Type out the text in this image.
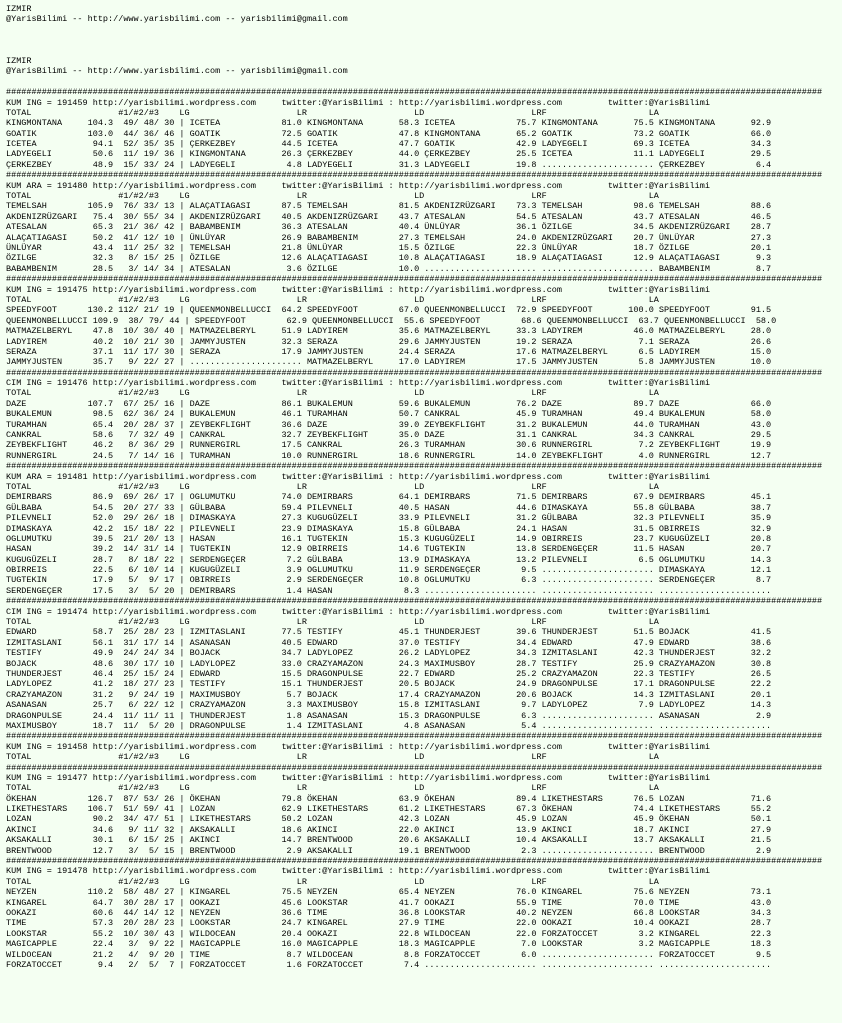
IZMIR
@YarisBilimi -- http://www.yarisbilimi.com -- yarisbilimi@gmail.com
IZMIR
@YarisBilimi -- http://www.yarisbilimi.com -- yarisbilimi@gmail.com
################################################################################################################################################################
KUM ING = 191459 http://yarisbilimi.wordpress.com     twitter:@YarisBilimi : http://yarisbilimi.wordpress.com         twitter:@YarisBilimi
TOTAL                 #1/#2/#3    LG                     LR                     LD                     LRF                    LA
KINGMONTANA     104.3  49/ 48/ 30 | ICETEA            81.0 KINGMONTANA       58.3 ICETEA            75.7 KINGMONTANA       75.5 KINGMONTANA       92.9
GOATIK          103.0  44/ 36/ 46 | GOATIK            72.5 GOATIK            47.8 KINGMONTANA       65.2 GOATIK            73.2 GOATIK            66.0
ICETEA           94.1  52/ 35/ 35 | ÇERKEZBEY         44.5 ICETEA            47.7 GOATIK            42.9 LADYEGELI         69.3 ICETEA            34.3
LADYEGELI        50.6  11/ 19/ 36 | KINGMONTANA       26.3 ÇERKEZBEY         44.0 ÇERKEZBEY         25.5 ICETEA            11.1 LADYEGELI         29.5
ÇERKEZBEY        48.9  15/ 33/ 24 | LADYEGELI          4.8 LADYEGELI         31.3 LADYEGELI         19.8 ...................... ÇERKEZBEY          6.4
################################################################################################################################################################
KUM ARA = 191480 http://yarisbilimi.wordpress.com     twitter:@YarisBilimi : http://yarisbilimi.wordpress.com         twitter:@YarisBilimi
TOTAL                 #1/#2/#3    LG                     LR                     LD                     LRF                    LA
TEMELSAH        105.9  76/ 33/ 13 | ALAÇATIAGASI      87.5 TEMELSAH          81.5 AKDENIZRÜZGARI    73.3 TEMELSAH          98.6 TEMELSAH          88.6
AKDENIZRÜZGARI   75.4  30/ 55/ 34 | AKDENIZRÜZGARI    40.5 AKDENIZRÜZGARI    43.7 ATESALAN          54.5 ATESALAN          43.7 ATESALAN          46.5
ATESALAN         65.3  21/ 36/ 42 | BABAMBENIM        36.3 ATESALAN          40.4 ÜNLÜYAR           36.1 ÖZILGE            34.5 AKDENIZRÜZGARI    28.7
ALAÇATIAGASI     50.2  41/ 12/ 10 | ÜNLÜYAR           26.9 BABAMBENIM        27.3 TEMELSAH          24.0 AKDENIZRÜZGARI    20.7 ÜNLÜYAR           27.3
ÜNLÜYAR          43.4  11/ 25/ 32 | TEMELSAH          21.8 ÜNLÜYAR           15.5 ÖZILGE            22.3 ÜNLÜYAR           18.7 ÖZILGE            20.1
ÖZILGE           32.3   8/ 15/ 25 | ÖZILGE            12.6 ALAÇATIAGASI      10.8 ALAÇATIAGASI      18.9 ALAÇATIAGASI      12.9 ALAÇATIAGASI       9.3
BABAMBENIM       28.5   3/ 14/ 34 | ATESALAN           3.6 ÖZILGE            10.0 ...................... ...................... BABAMBENIM         8.7
################################################################################################################################################################
KUM ING = 191475 http://yarisbilimi.wordpress.com     twitter:@YarisBilimi : http://yarisbilimi.wordpress.com         twitter:@YarisBilimi
TOTAL                 #1/#2/#3    LG                     LR                     LD                     LRF                    LA
SPEEDYFOOT      130.2 112/ 21/ 19 | QUEENMONBELLUCCI  64.2 SPEEDYFOOT        67.0 QUEENMONBELLUCCI  72.9 SPEEDYFOOT       100.0 SPEEDYFOOT        91.5
QUEENMONBELLUCCI 109.9  38/ 79/ 44 | SPEEDYFOOT        62.9 QUEENMONBELLUCCI  55.6 SPEEDYFOOT        68.6 QUEENMONBELLUCCI  63.7 QUEENMONBELLUCCI  58.0
MATMAZELBERYL    47.8  10/ 30/ 40 | MATMAZELBERYL     51.9 LADYIREM          35.6 MATMAZELBERYL     33.3 LADYIREM          46.0 MATMAZELBERYL     28.0
LADYIREM         40.2  10/ 21/ 30 | JAMMYJUSTEN       32.3 SERAZA            29.6 JAMMYJUSTEN       19.2 SERAZA             7.1 SERAZA            26.6
SERAZA           37.1  11/ 17/ 30 | SERAZA            17.9 JAMMYJUSTEN       24.4 SERAZA            17.6 MATMAZELBERYL      6.5 LADYIREM          15.0
JAMMYJUSTEN      35.7   9/ 22/ 27 | ...................... MATMAZELBERYL     17.0 LADYIREM          17.5 JAMMYJUSTEN        5.8 JAMMYJUSTEN       10.0
################################################################################################################################################################
CIM ING = 191476 http://yarisbilimi.wordpress.com     twitter:@YarisBilimi : http://yarisbilimi.wordpress.com         twitter:@YarisBilimi
TOTAL                 #1/#2/#3    LG                     LR                     LD                     LRF                    LA
DAZE            107.7  67/ 25/ 16 | DAZE              86.1 BUKALEMUN         59.6 BUKALEMUN         76.2 DAZE              89.7 DAZE              66.0
BUKALEMUN        98.5  62/ 36/ 24 | BUKALEMUN         46.1 TURAMHAN          50.7 CANKRAL           45.9 TURAMHAN          49.4 BUKALEMUN         58.0
TURAMHAN         65.4  20/ 28/ 37 | ZEYBEKFLIGHT      36.6 DAZE              39.0 ZEYBEKFLIGHT      31.2 BUKALEMUN         44.0 TURAMHAN          43.0
CANKRAL          58.6   7/ 32/ 49 | CANKRAL           32.7 ZEYBEKFLIGHT      35.0 DAZE              31.1 CANKRAL           34.3 CANKRAL           29.5
ZEYBEKFLIGHT     46.2   8/ 36/ 29 | RUNNERGIRL        17.5 CANKRAL           26.3 TURAMHAN          30.6 RUNNERGIRL         7.2 ZEYBEKFLIGHT      19.9
RUNNERGIRL       24.5   7/ 14/ 16 | TURAMHAN          10.0 RUNNERGIRL        18.6 RUNNERGIRL        14.0 ZEYBEKFLIGHT       4.0 RUNNERGIRL        12.7
################################################################################################################################################################
KUM ARA = 191481 http://yarisbilimi.wordpress.com     twitter:@YarisBilimi : http://yarisbilimi.wordpress.com         twitter:@YarisBilimi
TOTAL                 #1/#2/#3    LG                     LR                     LD                     LRF                    LA
DEMIRBARS        86.9  69/ 26/ 17 | OGLUMUTKU         74.0 DEMIRBARS         64.1 DEMIRBARS         71.5 DEMIRBARS         67.9 DEMIRBARS         45.1
GÜLBABA          54.5  20/ 27/ 33 | GÜLBABA           59.4 PILEVNELI         40.5 HASAN             44.6 DIMASKAYA         55.8 GÜLBABA           38.7
PILEVNELI        52.0  29/ 26/ 18 | DIMASKAYA         27.3 KUGUGÜZELI        33.9 PILEVNELI         31.2 GÜLBABA           32.3 PILEVNELI         35.9
DIMASKAYA        42.2  15/ 18/ 22 | PILEVNELI         23.9 DIMASKAYA         15.8 GÜLBABA           24.1 HASAN             31.5 OBIRREIS          32.9
OGLUMUTKU        39.5  21/ 20/ 13 | HASAN             16.1 TUGTEKIN          15.3 KUGUGÜZELI        14.9 OBIRREIS          23.7 KUGUGÜZELI        20.8
HASAN            39.2  14/ 31/ 14 | TUGTEKIN          12.9 OBIRREIS          14.6 TUGTEKIN          13.8 SERDENGEÇER       11.5 HASAN             20.7
KUGUGÜZELI       28.7   8/ 18/ 22 | SERDENGEÇER        7.2 GÜLBABA           13.9 DIMASKAYA         13.2 PILEVNELI          6.5 OGLUMUTKU         14.3
OBIRREIS         22.5   6/ 10/ 14 | KUGUGÜZELI         3.9 OGLUMUTKU         11.9 SERDENGEÇER        9.5 ...................... DIMASKAYA         12.1
TUGTEKIN         17.9   5/  9/ 17 | OBIRREIS           2.9 SERDENGEÇER       10.8 OGLUMUTKU          6.3 ...................... SERDENGEÇER        8.7
SERDENGEÇER      17.5   3/  5/ 20 | DEMIRBARS          1.4 HASAN              8.3 ...................... ...................... ......................
################################################################################################################################################################
CIM ING = 191474 http://yarisbilimi.wordpress.com     twitter:@YarisBilimi : http://yarisbilimi.wordpress.com         twitter:@YarisBilimi
TOTAL                 #1/#2/#3    LG                     LR                     LD                     LRF                    LA
EDWARD           58.7  25/ 28/ 23 | IZMITASLANI       77.5 TESTIFY           45.1 THUNDERJEST       39.6 THUNDERJEST       51.5 BOJACK            41.5
IZMITASLANI      56.1  31/ 17/ 14 | ASANASAN          40.5 EDWARD            37.0 TESTIFY           34.4 EDWARD            47.9 EDWARD            38.6
TESTIFY          49.9  24/ 24/ 34 | BOJACK            34.7 LADYLOPEZ         26.2 LADYLOPEZ         34.3 IZMITASLANI       42.3 THUNDERJEST       32.2
BOJACK           48.6  30/ 17/ 10 | LADYLOPEZ         33.0 CRAZYAMAZON       24.3 MAXIMUSBOY        28.7 TESTIFY           25.9 CRAZYAMAZON       30.8
THUNDERJEST      46.4  25/ 15/ 24 | EDWARD            15.5 DRAGONPULSE       22.7 EDWARD            25.2 CRAZYAMAZON       22.3 TESTIFY           26.5
LADYLOPEZ        41.2  18/ 27/ 23 | TESTIFY           15.1 THUNDERJEST       20.5 BOJACK            24.9 DRAGONPULSE       17.1 DRAGONPULSE       22.2
CRAZYAMAZON      31.2   9/ 24/ 19 | MAXIMUSBOY         5.7 BOJACK            17.4 CRAZYAMAZON       20.6 BOJACK            14.3 IZMITASLANI       20.1
ASANASAN         25.7   6/ 22/ 12 | CRAZYAMAZON        3.3 MAXIMUSBOY        15.8 IZMITASLANI        9.7 LADYLOPEZ          7.9 LADYLOPEZ         14.3
DRAGONPULSE      24.4  11/ 11/ 11 | THUNDERJEST        1.8 ASANASAN          15.3 DRAGONPULSE        6.3 ...................... ASANASAN           2.9
MAXIMUSBOY       18.7  11/  5/ 20 | DRAGONPULSE        1.4 IZMITASLANI        4.8 ASANASAN           5.4 ...................... ......................
################################################################################################################################################################
KUM ING = 191458 http://yarisbilimi.wordpress.com     twitter:@YarisBilimi : http://yarisbilimi.wordpress.com         twitter:@YarisBilimi
TOTAL                 #1/#2/#3    LG                     LR                     LD                     LRF                    LA
################################################################################################################################################################
KUM ING = 191477 http://yarisbilimi.wordpress.com     twitter:@YarisBilimi : http://yarisbilimi.wordpress.com         twitter:@YarisBilimi
TOTAL                 #1/#2/#3    LG                     LR                     LD                     LRF                    LA
ÖKEHAN          126.7  87/ 53/ 26 | ÖKEHAN            79.8 ÖKEHAN            63.9 ÖKEHAN            89.4 LIKETHESTARS      76.5 LOZAN             71.6
LIKETHESTARS    106.7  51/ 59/ 41 | LOZAN             62.9 LIKETHESTARS      61.2 LIKETHESTARS      67.3 ÖKEHAN            74.4 LIKETHESTARS      55.2
LOZAN            90.2  34/ 47/ 51 | LIKETHESTARS      50.2 LOZAN             42.3 LOZAN             45.9 LOZAN             45.9 ÖKEHAN            50.1
AKINCI           34.6   9/ 11/ 32 | AKSAKALLI         18.6 AKINCI            22.0 AKINCI            13.9 AKINCI            18.7 AKINCI            27.9
AKSAKALLI        30.1   6/ 15/ 25 | AKINCI            14.7 BRENTWOOD         20.6 AKSAKALLI         10.4 AKSAKALLI         13.7 AKSAKALLI         21.5
BRENTWOOD        12.7   3/  5/ 15 | BRENTWOOD          2.9 AKSAKALLI         19.1 BRENTWOOD          2.3 ...................... BRENTWOOD          2.9
################################################################################################################################################################
KUM ING = 191478 http://yarisbilimi.wordpress.com     twitter:@YarisBilimi : http://yarisbilimi.wordpress.com         twitter:@YarisBilimi
TOTAL                 #1/#2/#3    LG                     LR                     LD                     LRF                    LA
NEYZEN          110.2  58/ 48/ 27 | KINGAREL          75.5 NEYZEN            65.4 NEYZEN            76.0 KINGAREL          75.6 NEYZEN            73.1
KINGAREL         64.7  30/ 28/ 17 | OOKAZI            45.6 LOOKSTAR          41.7 OOKAZI            55.9 TIME              70.0 TIME              43.0
OOKAZI           60.6  44/ 14/ 12 | NEYZEN            36.6 TIME              36.8 LOOKSTAR          40.2 NEYZEN            66.8 LOOKSTAR          34.3
TIME             57.3  20/ 28/ 23 | LOOKSTAR          24.7 KINGAREL          27.9 TIME              22.0 OOKAZI            10.4 OOKAZI            28.7
LOOKSTAR         55.2  10/ 30/ 43 | WILDOCEAN         20.4 OOKAZI            22.8 WILDOCEAN         22.0 FORZATOCCET        3.2 KINGAREL          22.3
MAGICAPPLE       22.4   3/  9/ 22 | MAGICAPPLE        16.0 MAGICAPPLE        18.3 MAGICAPPLE         7.0 LOOKSTAR           3.2 MAGICAPPLE        18.3
WILDOCEAN        21.2   4/  9/ 20 | TIME               8.7 WILDOCEAN          8.8 FORZATOCCET        6.0 ...................... FORZATOCCET        9.5
FORZATOCCET       9.4   2/  5/  7 | FORZATOCCET        1.6 FORZATOCCET        7.4 ...................... ...................... ......................
